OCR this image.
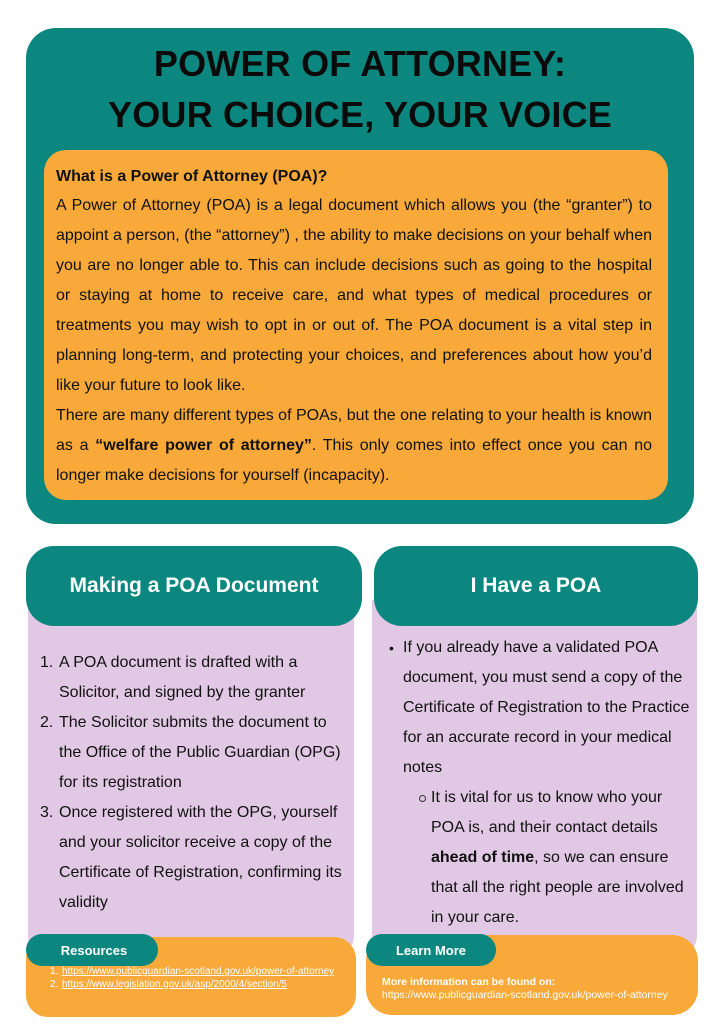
POWER OF ATTORNEY:
YOUR CHOICE, YOUR VOICE
What is a Power of Attorney (POA)?

A Power of Attorney (POA) is a legal document which allows you (the “granter”) to appoint a person, (the “attorney”) , the ability to make decisions on your behalf when you are no longer able to. This can include decisions such as going to the hospital or staying at home to receive care, and what types of medical procedures or treatments you may wish to opt in or out of. The POA document is a vital step in planning long-term, and protecting your choices, and preferences about how you’d like your future to look like.

There are many different types of POAs, but the one relating to your health is known as a “welfare power of attorney”. This only comes into effect once you can no longer make decisions for yourself (incapacity).

Making a POA Document
1. A POA document is drafted with a Solicitor, and signed by the granter
2. The Solicitor submits the document to the Office of the Public Guardian (OPG) for its registration
3. Once registered with the OPG, yourself and your solicitor receive a copy of the Certificate of Registration, confirming its validity
I Have a POA
• If you already have a validated POA document, you must send a copy of the Certificate of Registration to the Practice for an accurate record in your medical notes
It is vital for us to know who your POA is, and their contact details ahead of time, so we can ensure that all the right people are involved in your care.
Resources
1. https://www.publicguardian-scotland.gov.uk/power-of-attorney
2. https://www.legislation.gov.uk/asp/2000/4/section/5
Learn More
More information can be found on:
https://www.publicguardian-scotland.gov.uk/power-of-attorney
